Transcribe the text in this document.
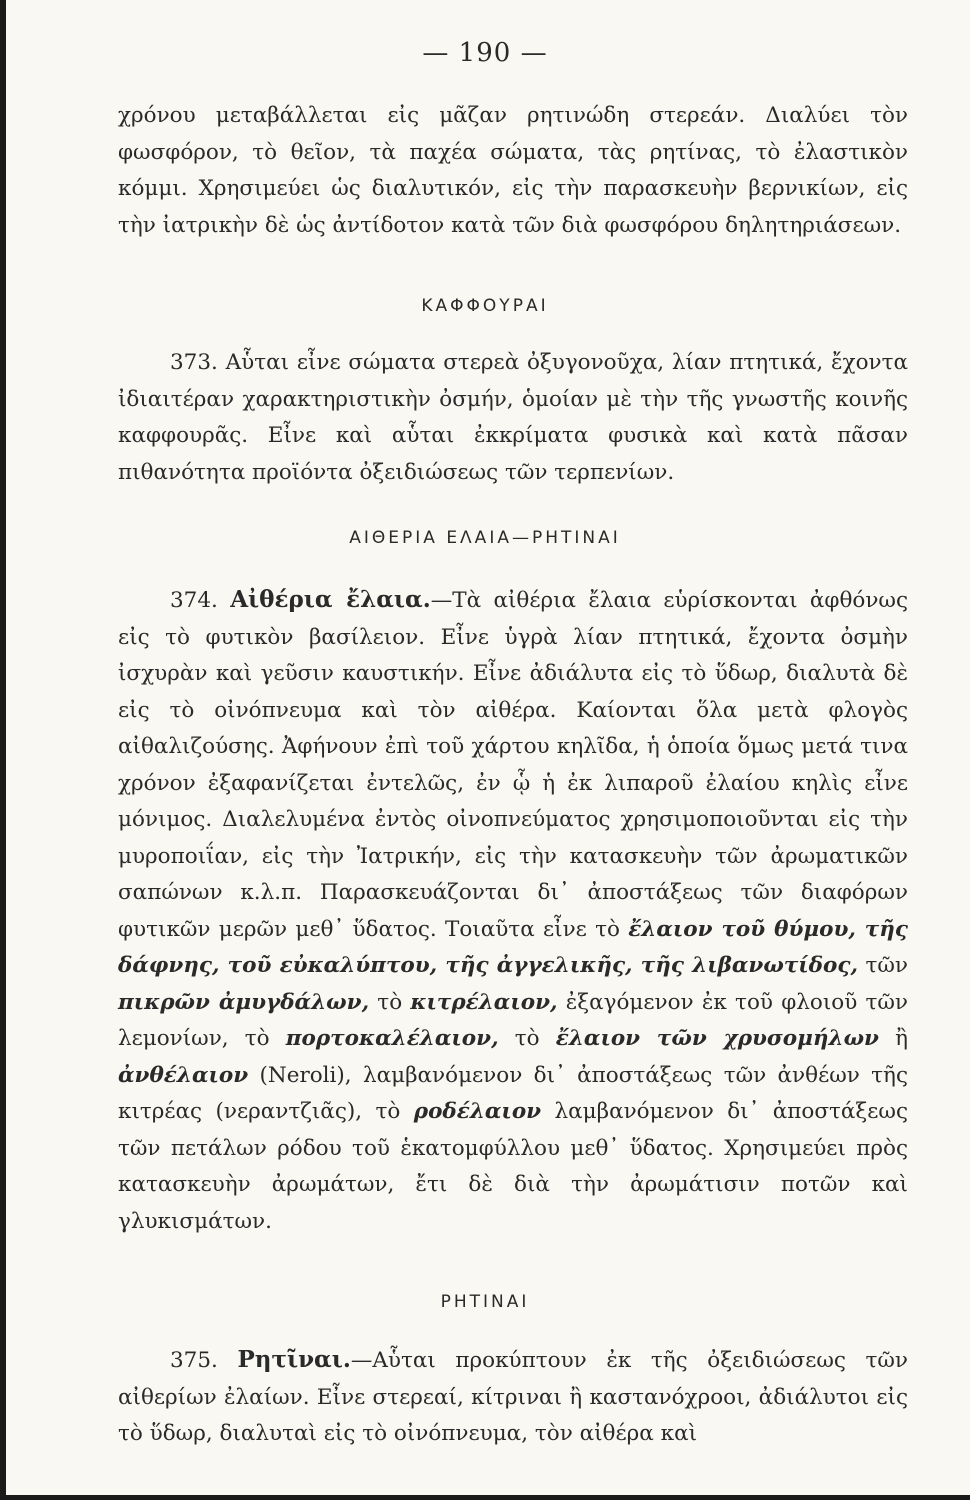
— 190 —

χρόνου μεταβάλλεται εἰς μᾶζαν ρητινώδη στερεάν. Διαλύει τὸν φωσφόρον, τὸ θεῖον, τὰ παχέα σώματα, τὰς ρητίνας, τὸ ἐλαστικὸν κόμμι. Χρησιμεύει ὡς διαλυτικόν, εἰς τὴν παρασκευὴν βερνικίων, εἰς τὴν ἰατρικὴν δὲ ὡς ἀντίδοτον κατὰ τῶν διὰ φωσφόρου δηλητηριάσεων.

ΚΑΦΦΟΥΡΑΙ

373. Αὗται εἶνε σώματα στερεὰ ὀξυγονοῦχα, λίαν πτητικά, ἔχοντα ἰδιαιτέραν χαρακτηριστικὴν ὀσμήν, ὁμοίαν μὲ τὴν τῆς γνωστῆς κοινῆς καφφουρᾶς. Εἶνε καὶ αὗται ἐκκρίματα φυσικὰ καὶ κατὰ πᾶσαν πιθανότητα προϊόντα ὀξειδιώσεως τῶν τερπενίων.

ΑΙΘΕΡΙΑ ΕΛΑΙΑ—ΡΗΤΙΝΑΙ

374. Αἰθέρια ἔλαια.—Τὰ αἰθέρια ἔλαια εὑρίσκονται ἀφθόνως εἰς τὸ φυτικὸν βασίλειον. Εἶνε ὑγρὰ λίαν πτητικά, ἔχοντα ὀσμὴν ἰσχυρὰν καὶ γεῦσιν καυστικήν. Εἶνε ἀδιάλυτα εἰς τὸ ὕδωρ, διαλυτὰ δὲ εἰς τὸ οἰνόπνευμα καὶ τὸν αἰθέρα. Καίονται ὅλα μετὰ φλογὸς αἰθαλιζούσης. Ἀφήνουν ἐπὶ τοῦ χάρτου κηλῖδα, ἡ ὁποία ὅμως μετά τινα χρόνον ἐξαφανίζεται ἐντελῶς, ἐν ᾧ ἡ ἐκ λιπαροῦ ἐλαίου κηλὶς εἶνε μόνιμος. Διαλελυμένα ἐντὸς οἰνοπνεύματος χρησιμοποιοῦνται εἰς τὴν μυροποιΐαν, εἰς τὴν Ἰατρικήν, εἰς τὴν κατασκευὴν τῶν ἀρωματικῶν σαπώνων κ.λ.π. Παρασκευάζονται δι᾽ ἀποστάξεως τῶν διαφόρων φυτικῶν μερῶν μεθ᾽ ὕδατος. Τοιαῦτα εἶνε τὸ ἔλαιον τοῦ θύμου, τῆς δάφνης, τοῦ εὐκαλύπτου, τῆς ἀγγελικῆς, τῆς λιβανωτίδος, τῶν πικρῶν ἀμυγδάλων, τὸ κιτρέλαιον, ἐξαγόμενον ἐκ τοῦ φλοιοῦ τῶν λεμονίων, τὸ πορτοκαλέλαιον, τὸ ἔλαιον τῶν χρυσομήλων ἢ ἀνθέλαιον (Neroli), λαμβανόμενον δι᾽ ἀποστάξεως τῶν ἀνθέων τῆς κιτρέας (νεραντζιᾶς), τὸ ροδέλαιον λαμβανόμενον δι᾽ ἀποστάξεως τῶν πετάλων ρόδου τοῦ ἑκατομφύλλου μεθ᾽ ὕδατος. Χρησιμεύει πρὸς κατασκευὴν ἀρωμάτων, ἔτι δὲ διὰ τὴν ἀρωμάτισιν ποτῶν καὶ γλυκισμάτων.

ΡΗΤΙΝΑΙ

375. Ρητῖναι.—Αὗται προκύπτουν ἐκ τῆς ὀξειδιώσεως τῶν αἰθερίων ἐλαίων. Εἶνε στερεαί, κίτριναι ἢ καστανόχροοι, ἀδιάλυτοι εἰς τὸ ὕδωρ, διαλυταὶ εἰς τὸ οἰνόπνευμα, τὸν αἰθέρα καὶ
